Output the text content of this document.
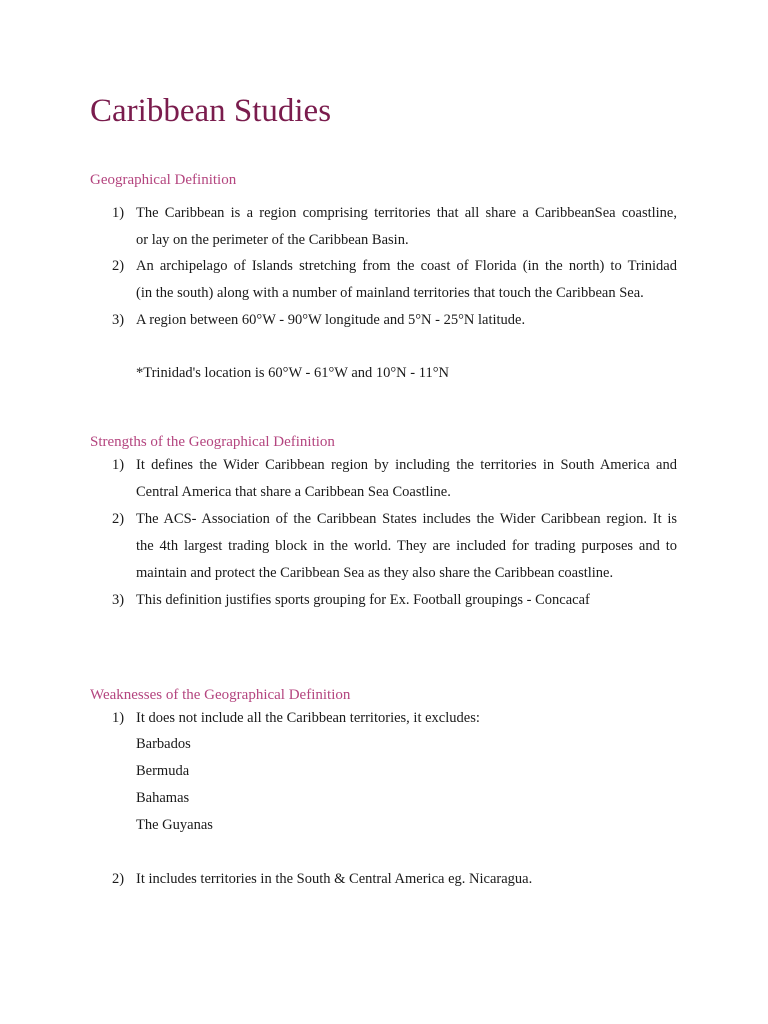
Caribbean Studies
Geographical Definition
1) The Caribbean is a region comprising territories that all share a CaribbeanSea coastline,
or lay on the perimeter of the Caribbean Basin.
2) An archipelago of Islands stretching from the coast of Florida (in the north) to Trinidad
(in the south) along with a number of mainland territories that touch the Caribbean Sea.
3) A region between 60°W - 90°W longitude and 5°N - 25°N latitude.
*Trinidad's location is 60°W - 61°W and 10°N - 11°N
Strengths of the Geographical Definition
1) It defines the Wider Caribbean region by including the territories in South America and
Central America that share a Caribbean Sea Coastline.
2) The ACS- Association of the Caribbean States includes the Wider Caribbean region. It is
the 4th largest trading block in the world. They are included for trading purposes and to
maintain and protect the Caribbean Sea as they also share the Caribbean coastline.
3) This definition justifies sports grouping for Ex. Football groupings - Concacaf
Weaknesses of the Geographical Definition
1) It does not include all the Caribbean territories, it excludes:
Barbados
Bermuda
Bahamas
The Guyanas
2) It includes territories in the South & Central America eg. Nicaragua.
